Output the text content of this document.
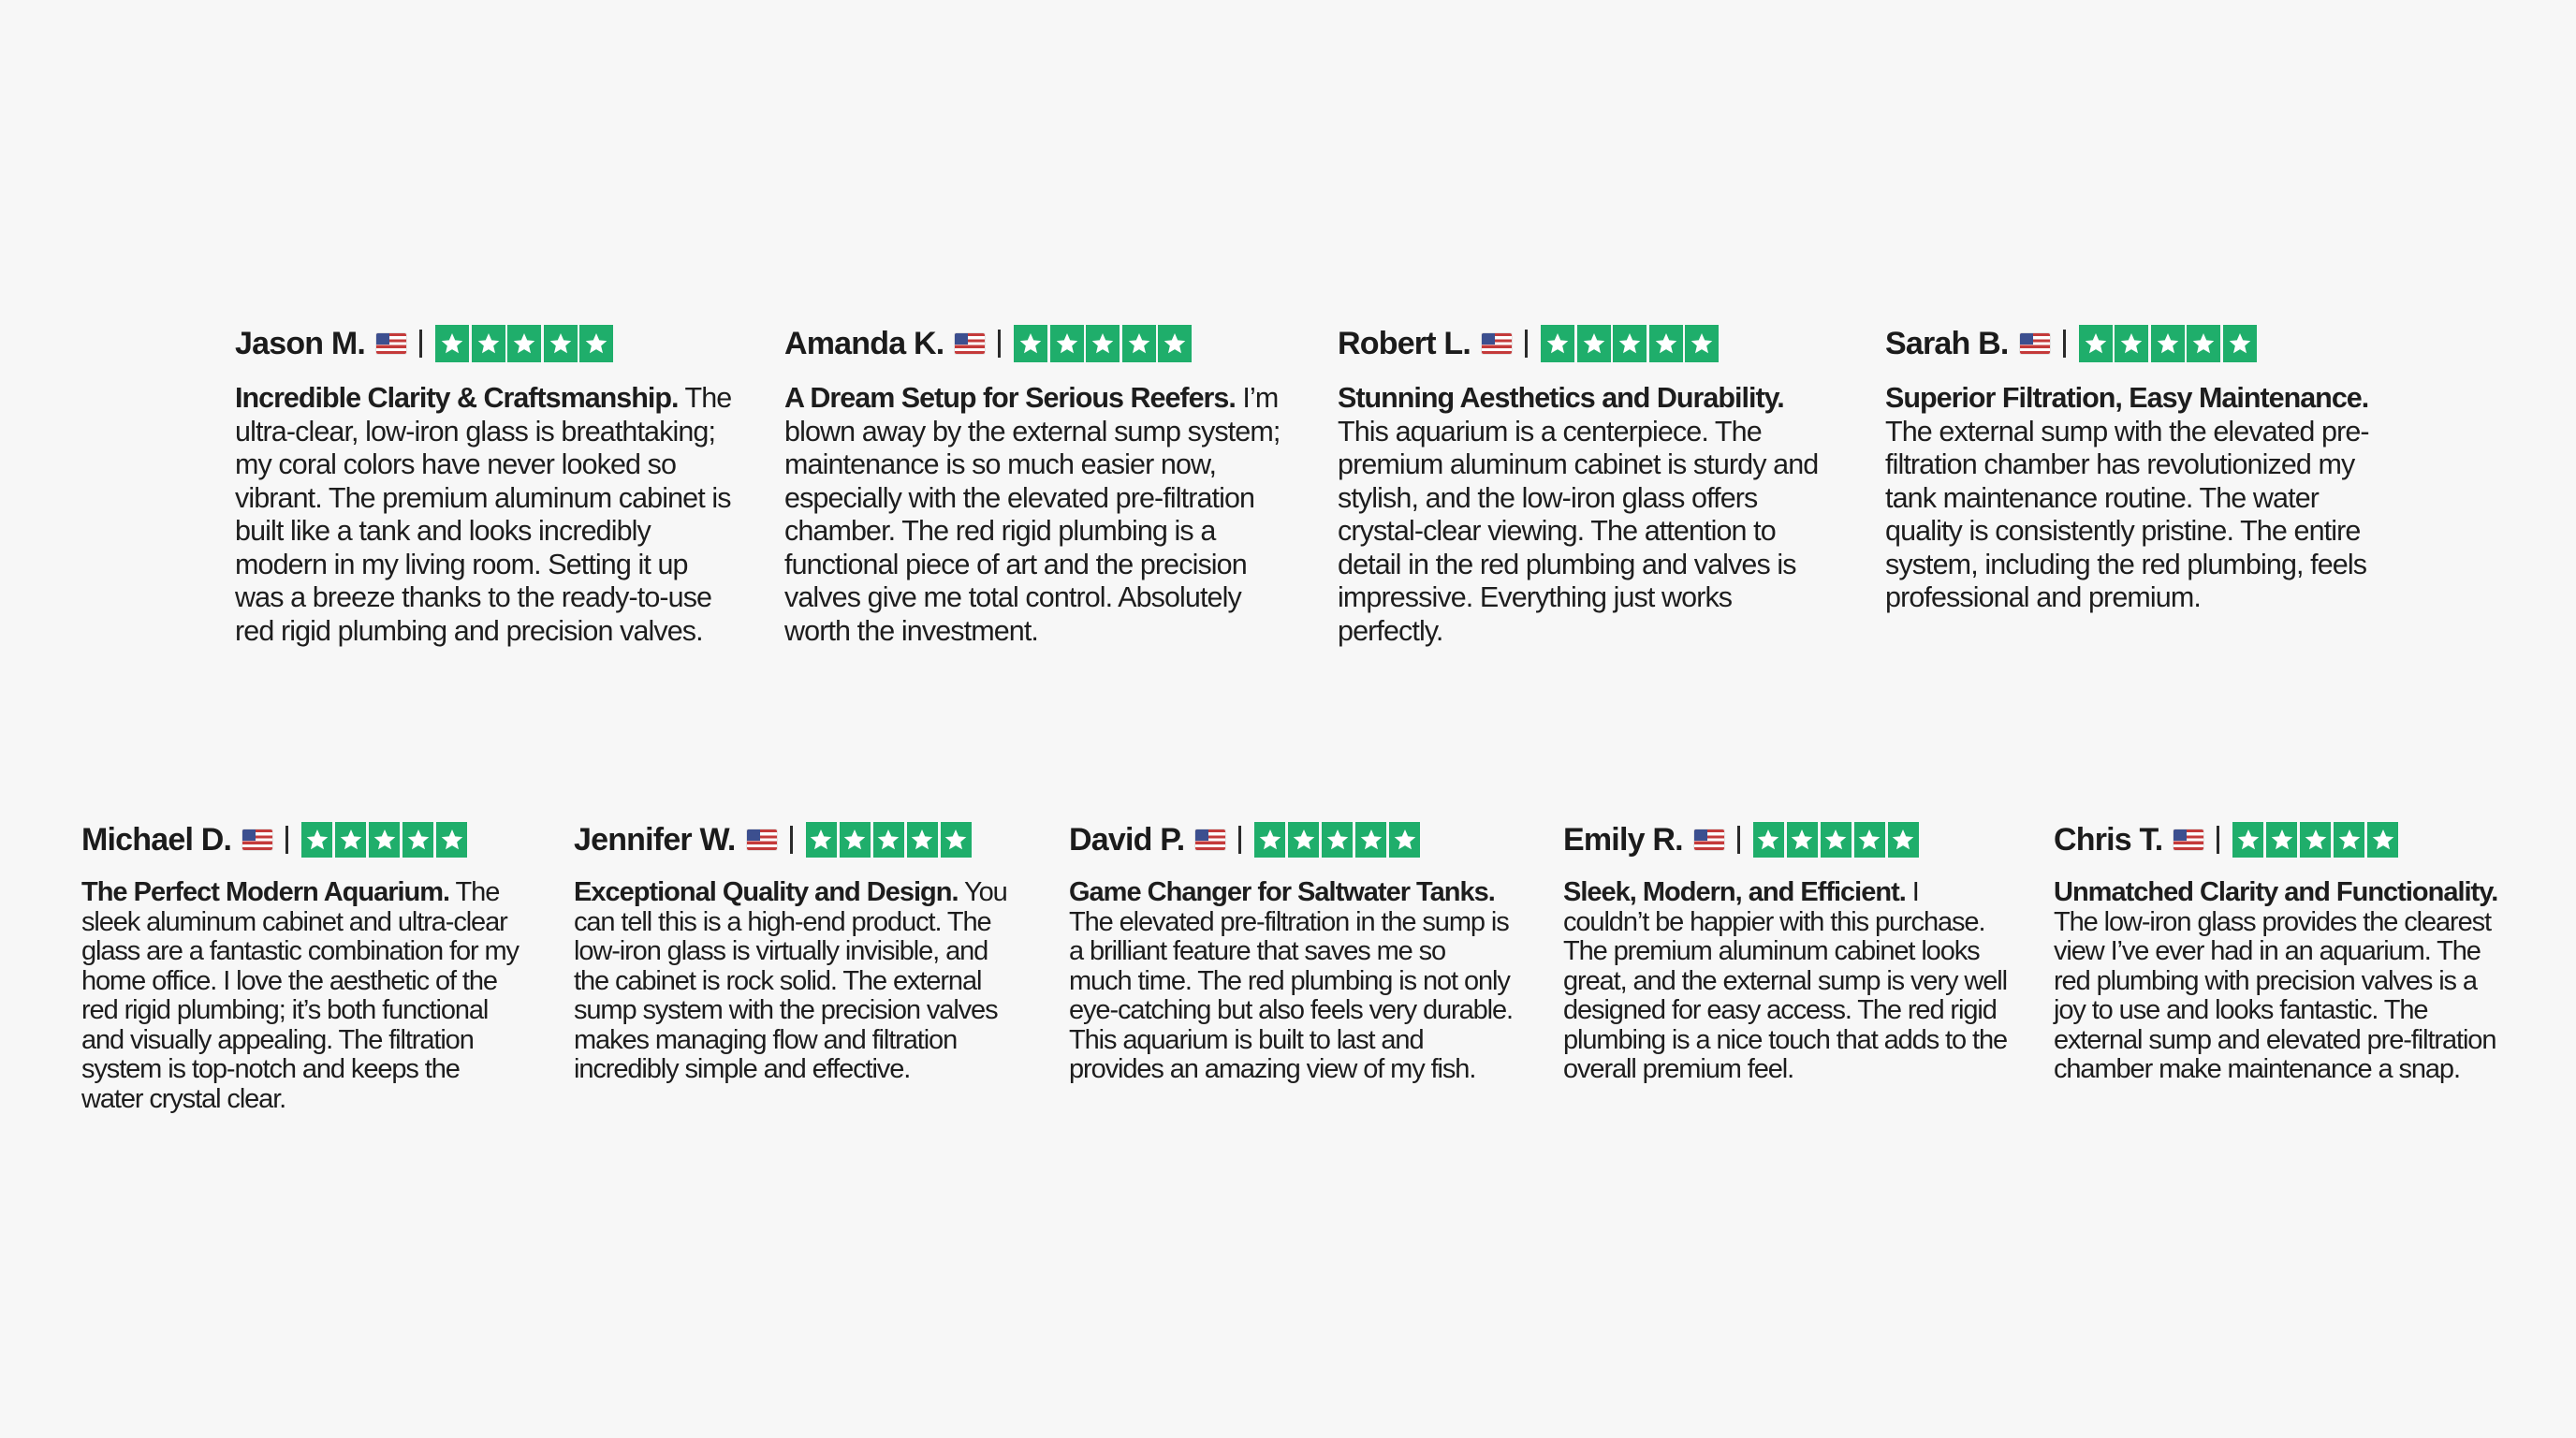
Jason M.
Incredible Clarity & Craftsmanship. The ultra-clear, low-iron glass is breathtaking; my coral colors have never looked so vibrant. The premium aluminum cabinet is built like a tank and looks incredibly modern in my living room. Setting it up was a breeze thanks to the ready-to-use red rigid plumbing and precision valves.
Amanda K.
A Dream Setup for Serious Reefers. I’m blown away by the external sump system; maintenance is so much easier now, especially with the elevated pre-filtration chamber. The red rigid plumbing is a functional piece of art and the precision valves give me total control. Absolutely worth the investment.
Robert L.
Stunning Aesthetics and Durability. This aquarium is a centerpiece. The premium aluminum cabinet is sturdy and stylish, and the low-iron glass offers crystal-clear viewing. The attention to detail in the red plumbing and valves is impressive. Everything just works perfectly.
Sarah B.
Superior Filtration, Easy Maintenance. The external sump with the elevated pre-filtration chamber has revolutionized my tank maintenance routine. The water quality is consistently pristine. The entire system, including the red plumbing, feels professional and premium.
Michael D.
The Perfect Modern Aquarium. The sleek aluminum cabinet and ultra-clear glass are a fantastic combination for my home office. I love the aesthetic of the red rigid plumbing; it’s both functional and visually appealing. The filtration system is top-notch and keeps the water crystal clear.
Jennifer W.
Exceptional Quality and Design. You can tell this is a high-end product. The low-iron glass is virtually invisible, and the cabinet is rock solid. The external sump system with the precision valves makes managing flow and filtration incredibly simple and effective.
David P.
Game Changer for Saltwater Tanks. The elevated pre-filtration in the sump is a brilliant feature that saves me so much time. The red plumbing is not only eye-catching but also feels very durable. This aquarium is built to last and provides an amazing view of my fish.
Emily R.
Sleek, Modern, and Efficient. I couldn’t be happier with this purchase. The premium aluminum cabinet looks great, and the external sump is very well designed for easy access. The red rigid plumbing is a nice touch that adds to the overall premium feel.
Chris T.
Unmatched Clarity and Functionality. The low-iron glass provides the clearest view I’ve ever had in an aquarium. The red plumbing with precision valves is a joy to use and looks fantastic. The external sump and elevated pre-filtration chamber make maintenance a snap.
